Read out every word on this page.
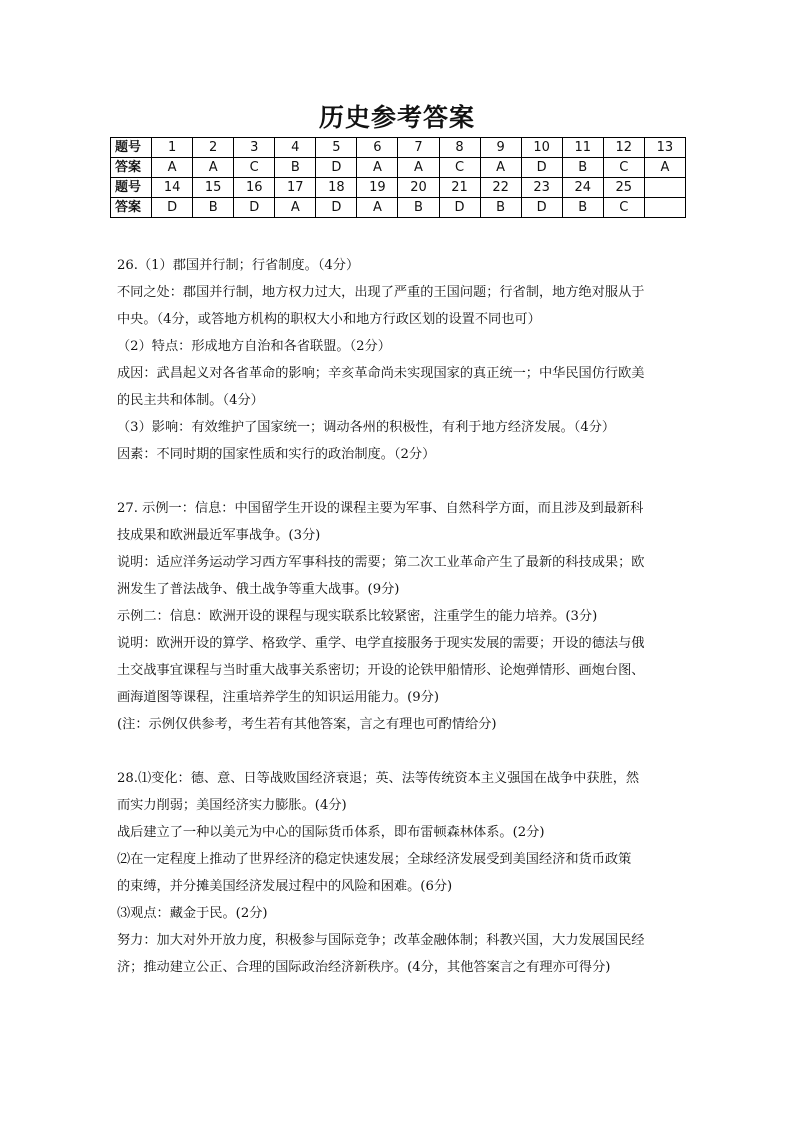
历史参考答案
题号	1	2	3	4	5	6	7	8	9	10	11	12	13
答案	A	A	C	B	D	A	A	C	A	D	B	C	A
题号	14	15	16	17	18	19	20	21	22	23	24	25	
答案	D	B	D	A	D	A	B	D	B	D	B	C	

26.（1）郡国并行制；行省制度。（4分）

不同之处：郡国并行制，地方权力过大，出现了严重的王国问题；行省制，地方绝对服从于

中央。（4分，或答地方机构的职权大小和地方行政区划的设置不同也可）

（2）特点：形成地方自治和各省联盟。（2分）

成因：武昌起义对各省革命的影响；辛亥革命尚未实现国家的真正统一；中华民国仿行欧美

的民主共和体制。（4分）

（3）影响：有效维护了国家统一；调动各州的积极性，有利于地方经济发展。（4分）

因素：不同时期的国家性质和实行的政治制度。（2分）

27. 示例一：信息：中国留学生开设的课程主要为军事、自然科学方面，而且涉及到最新科

技成果和欧洲最近军事战争。(3分)

说明：适应洋务运动学习西方军事科技的需要；第二次工业革命产生了最新的科技成果；欧

洲发生了普法战争、俄土战争等重大战事。(9分)

示例二：信息：欧洲开设的课程与现实联系比较紧密，注重学生的能力培养。(3分)

说明：欧洲开设的算学、格致学、重学、电学直接服务于现实发展的需要；开设的德法与俄

土交战事宜课程与当时重大战事关系密切；开设的论铁甲船情形、论炮弹情形、画炮台图、

画海道图等课程，注重培养学生的知识运用能力。(9分)

(注：示例仅供参考，考生若有其他答案，言之有理也可酌情给分)

28.⑴变化：德、意、日等战败国经济衰退；英、法等传统资本主义强国在战争中获胜，然

而实力削弱；美国经济实力膨胀。(4分)

战后建立了一种以美元为中心的国际货币体系，即布雷顿森林体系。(2分)

⑵在一定程度上推动了世界经济的稳定快速发展；全球经济发展受到美国经济和货币政策

的束缚，并分摊美国经济发展过程中的风险和困难。(6分)

⑶观点：藏金于民。(2分)

努力：加大对外开放力度，积极参与国际竞争；改革金融体制；科教兴国，大力发展国民经

济；推动建立公正、合理的国际政治经济新秩序。(4分，其他答案言之有理亦可得分)
